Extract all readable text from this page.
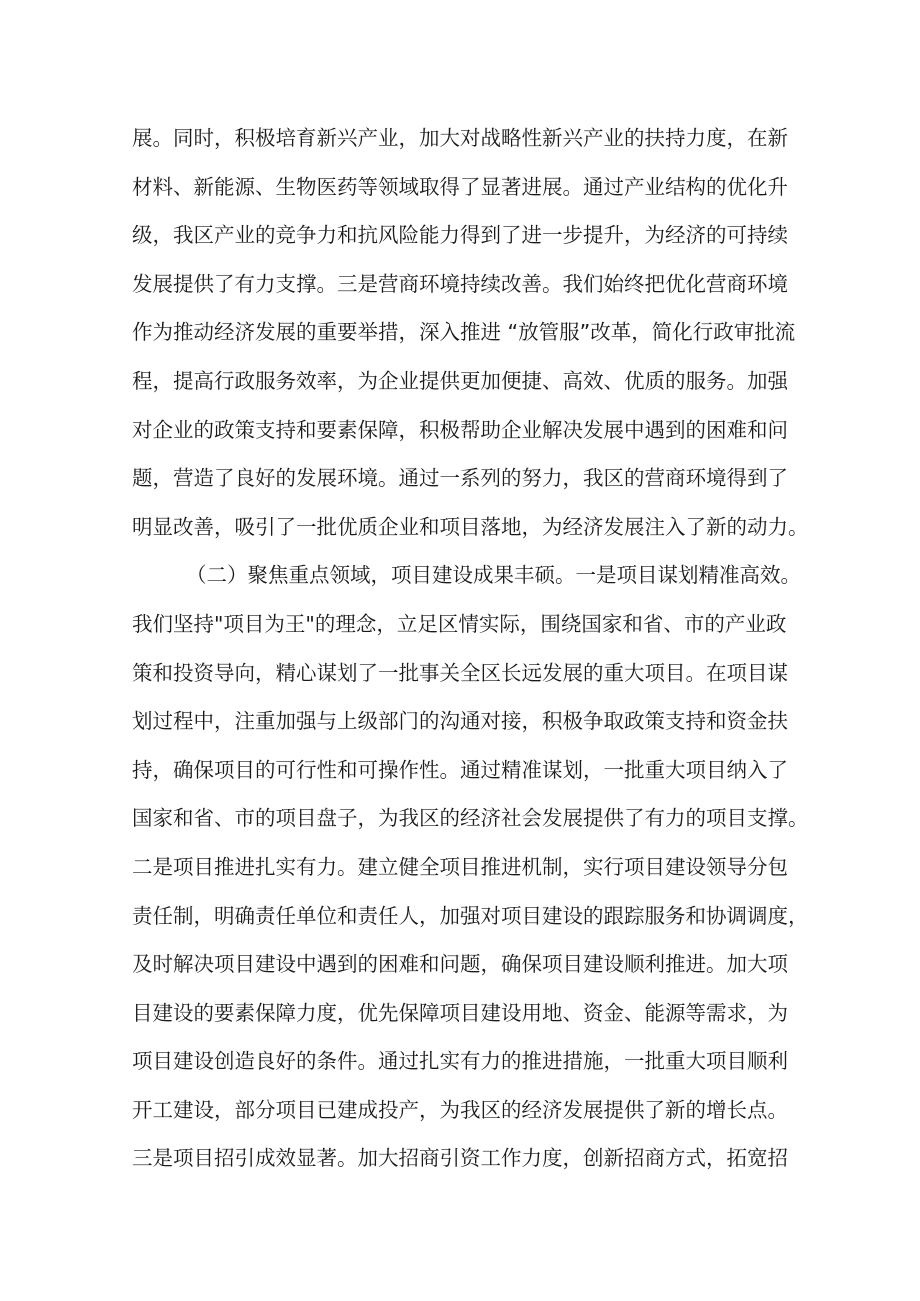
展。同时，积极培育新兴产业，加大对战略性新兴产业的扶持力度，在新
材料、新能源、生物医药等领域取得了显著进展。通过产业结构的优化升
级，我区产业的竞争力和抗风险能力得到了进一步提升，为经济的可持续
发展提供了有力支撑。三是营商环境持续改善。我们始终把优化营商环境
作为推动经济发展的重要举措，深入推进 “放管服”改革，简化行政审批流
程，提高行政服务效率，为企业提供更加便捷、高效、优质的服务。加强
对企业的政策支持和要素保障，积极帮助企业解决发展中遇到的困难和问
题，营造了良好的发展环境。通过一系列的努力，我区的营商环境得到了
明显改善，吸引了一批优质企业和项目落地，为经济发展注入了新的动力。
（二）聚焦重点领域，项目建设成果丰硕。一是项目谋划精准高效。
我们坚持"项目为王"的理念，立足区情实际，围绕国家和省、市的产业政
策和投资导向，精心谋划了一批事关全区长远发展的重大项目。在项目谋
划过程中，注重加强与上级部门的沟通对接，积极争取政策支持和资金扶
持，确保项目的可行性和可操作性。通过精准谋划，一批重大项目纳入了
国家和省、市的项目盘子，为我区的经济社会发展提供了有力的项目支撑。
二是项目推进扎实有力。建立健全项目推进机制，实行项目建设领导分包
责任制，明确责任单位和责任人，加强对项目建设的跟踪服务和协调调度，
及时解决项目建设中遇到的困难和问题，确保项目建设顺利推进。加大项
目建设的要素保障力度，优先保障项目建设用地、资金、能源等需求，为
项目建设创造良好的条件。通过扎实有力的推进措施，一批重大项目顺利
开工建设，部分项目已建成投产，为我区的经济发展提供了新的增长点。
三是项目招引成效显著。加大招商引资工作力度，创新招商方式，拓宽招
